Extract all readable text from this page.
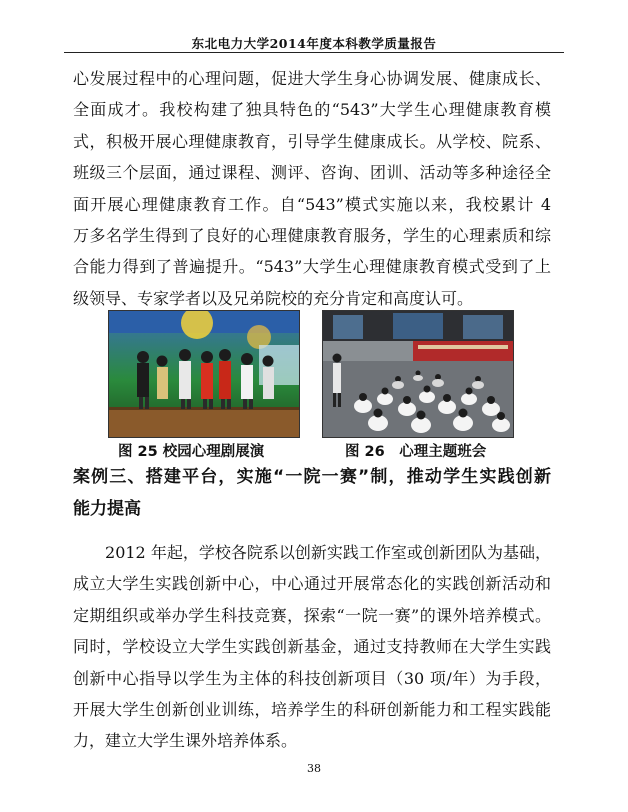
东北电力大学2014年度本科教学质量报告
心发展过程中的心理问题，促进大学生身心协调发展、健康成长、
全面成才。我校构建了独具特色的“543”大学生心理健康教育模
式，积极开展心理健康教育，引导学生健康成长。从学校、院系、
班级三个层面，通过课程、测评、咨询、团训、活动等多种途径全
面开展心理健康教育工作。自“543”模式实施以来，我校累计 4
万多名学生得到了良好的心理健康教育服务，学生的心理素质和综
合能力得到了普遍提升。“543”大学生心理健康教育模式受到了上
级领导、专家学者以及兄弟院校的充分肯定和高度认可。
图 25 校园心理剧展演	图 26　心理主题班会
案例三、搭建平台，实施“一院一赛”制，推动学生实践创新
能力提高
　　2012 年起，学校各院系以创新实践工作室或创新团队为基础，
成立大学生实践创新中心，中心通过开展常态化的实践创新活动和
定期组织或举办学生科技竞赛，探索“一院一赛”的课外培养模式。
同时，学校设立大学生实践创新基金，通过支持教师在大学生实践
创新中心指导以学生为主体的科技创新项目（30 项/年）为手段，
开展大学生创新创业训练，培养学生的科研创新能力和工程实践能
力，建立大学生课外培养体系。
38
